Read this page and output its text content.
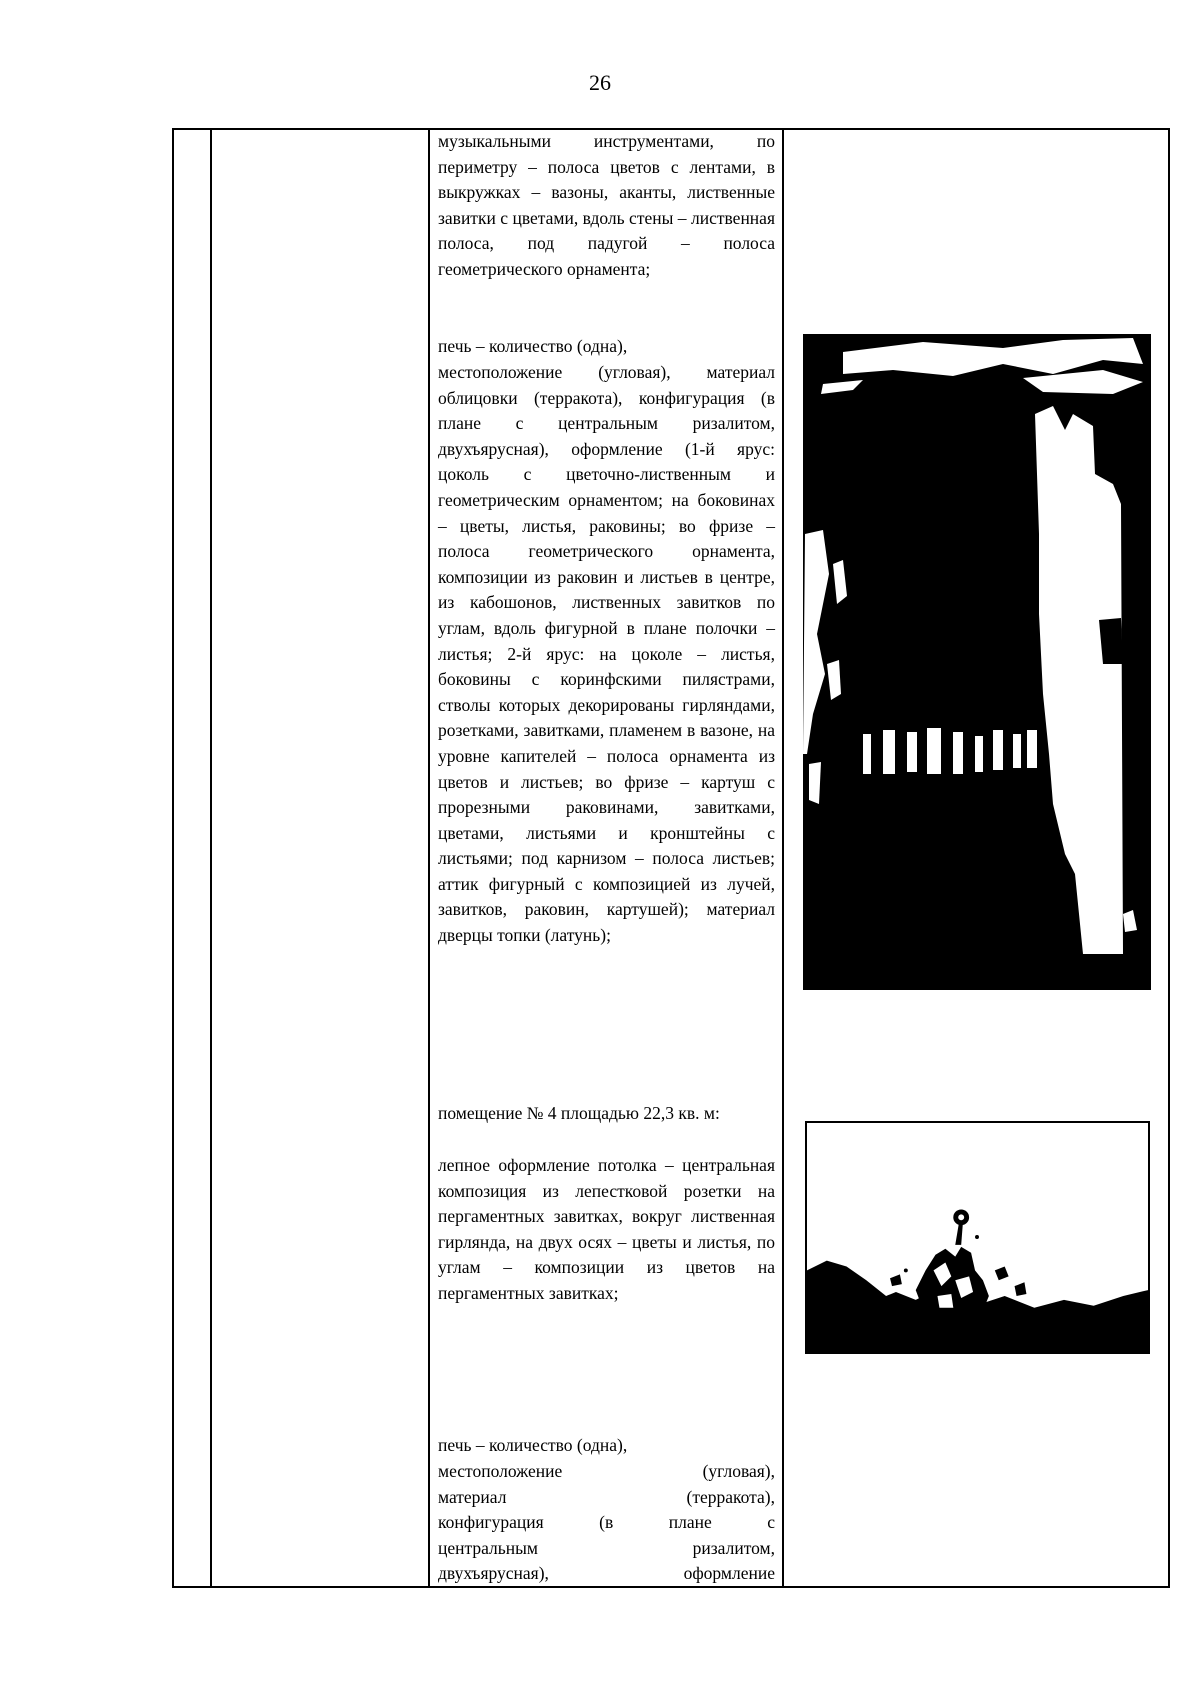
26

музыкальными инструментами, по периметру – полоса цветов с лентами, в выкружках – вазоны, аканты, лиственные завитки с цветами, вдоль стены – лиственная полоса, под падугой – полоса геометрического орнамента;

печь – количество (одна),

местоположение (угловая), материал облицовки (терракота), конфигурация (в плане с центральным ризалитом, двухъярусная), оформление (1-й ярус: цоколь с цветочно-лиственным и геометрическим орнаментом; на боковинах – цветы, листья, раковины; во фризе – полоса геометрического орнамента, композиции из раковин и листьев в центре, из кабошонов, лиственных завитков по углам, вдоль фигурной в плане полочки – листья; 2-й ярус: на цоколе – листья, боковины с коринфскими пилястрами, стволы которых декорированы гирляндами, розетками, завитками, пламенем в вазоне, на уровне капителей – полоса орнамента из цветов и листьев; во фризе – картуш с прорезными раковинами, завитками, цветами, листьями и кронштейны с листьями; под карнизом – полоса листьев; аттик фигурный с композицией из лучей, завитков, раковин, картушей); материал дверцы топки (латунь);

помещение № 4 площадью 22,3 кв. м:

лепное оформление потолка – центральная композиция из лепестковой розетки на пергаментных завитках, вокруг лиственная гирлянда, на двух осях – цветы и листья, по углам – композиции из цветов на пергаментных завитках;

печь – количество (одна),
местоположение	(угловая),
материал	(терракота),
конфигурация	(в	плане	с
центральным	ризалитом,
двухъярусная),	оформление
